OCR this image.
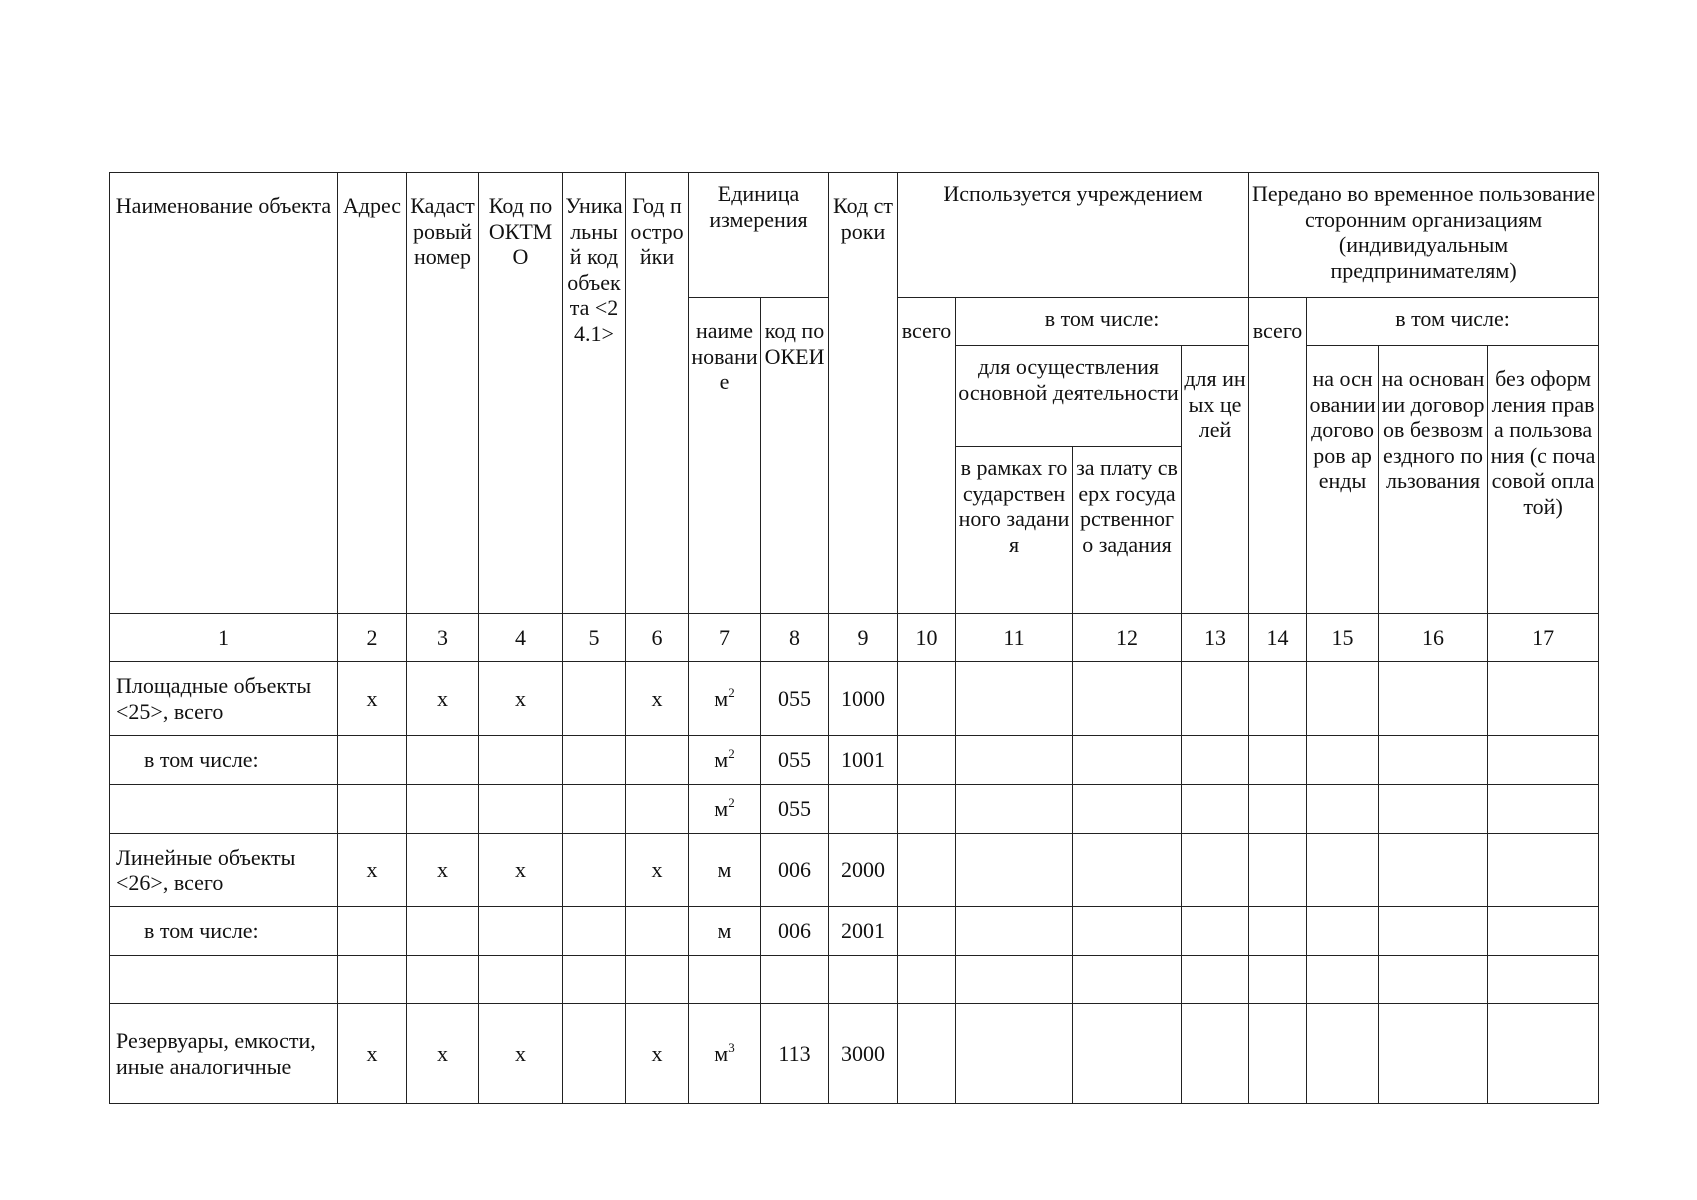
Наименование объекта	Адрес	Кадастровый номер	Код по ОКТМО	Уникальный код объекта <24.1>	Год постройки	Единица измерения		Код строки	Используется учреждением				Передано во временное пользование сторонним организациям (индивидуальным предпринимателям)			
						наименование	код по ОКЕИ		всего	в том числе:			всего	в том числе:		
										для осуществления основной деятельности		для иных целей		на основании договоров аренды	на основании договоров безвозмездного пользования	без оформления права пользования (с почасовой оплатой)
										в рамках государственного задания	за плату сверх государственного задания					
1	2	3	4	5	6	7	8	9	10	11	12	13	14	15	16	17
Площадные объекты <25>, всего	x	x	x		x	$м^2$	055	1000								
в том числе:						$м^2$	055	1001								
						$м^2$	055									
Линейные объекты <26>, всего	x	x	x		x	м	006	2000								
в том числе:						м	006	2001								

Резервуары, емкости, иные аналогичные	x	x	x		x	$м^3$	113	3000								
